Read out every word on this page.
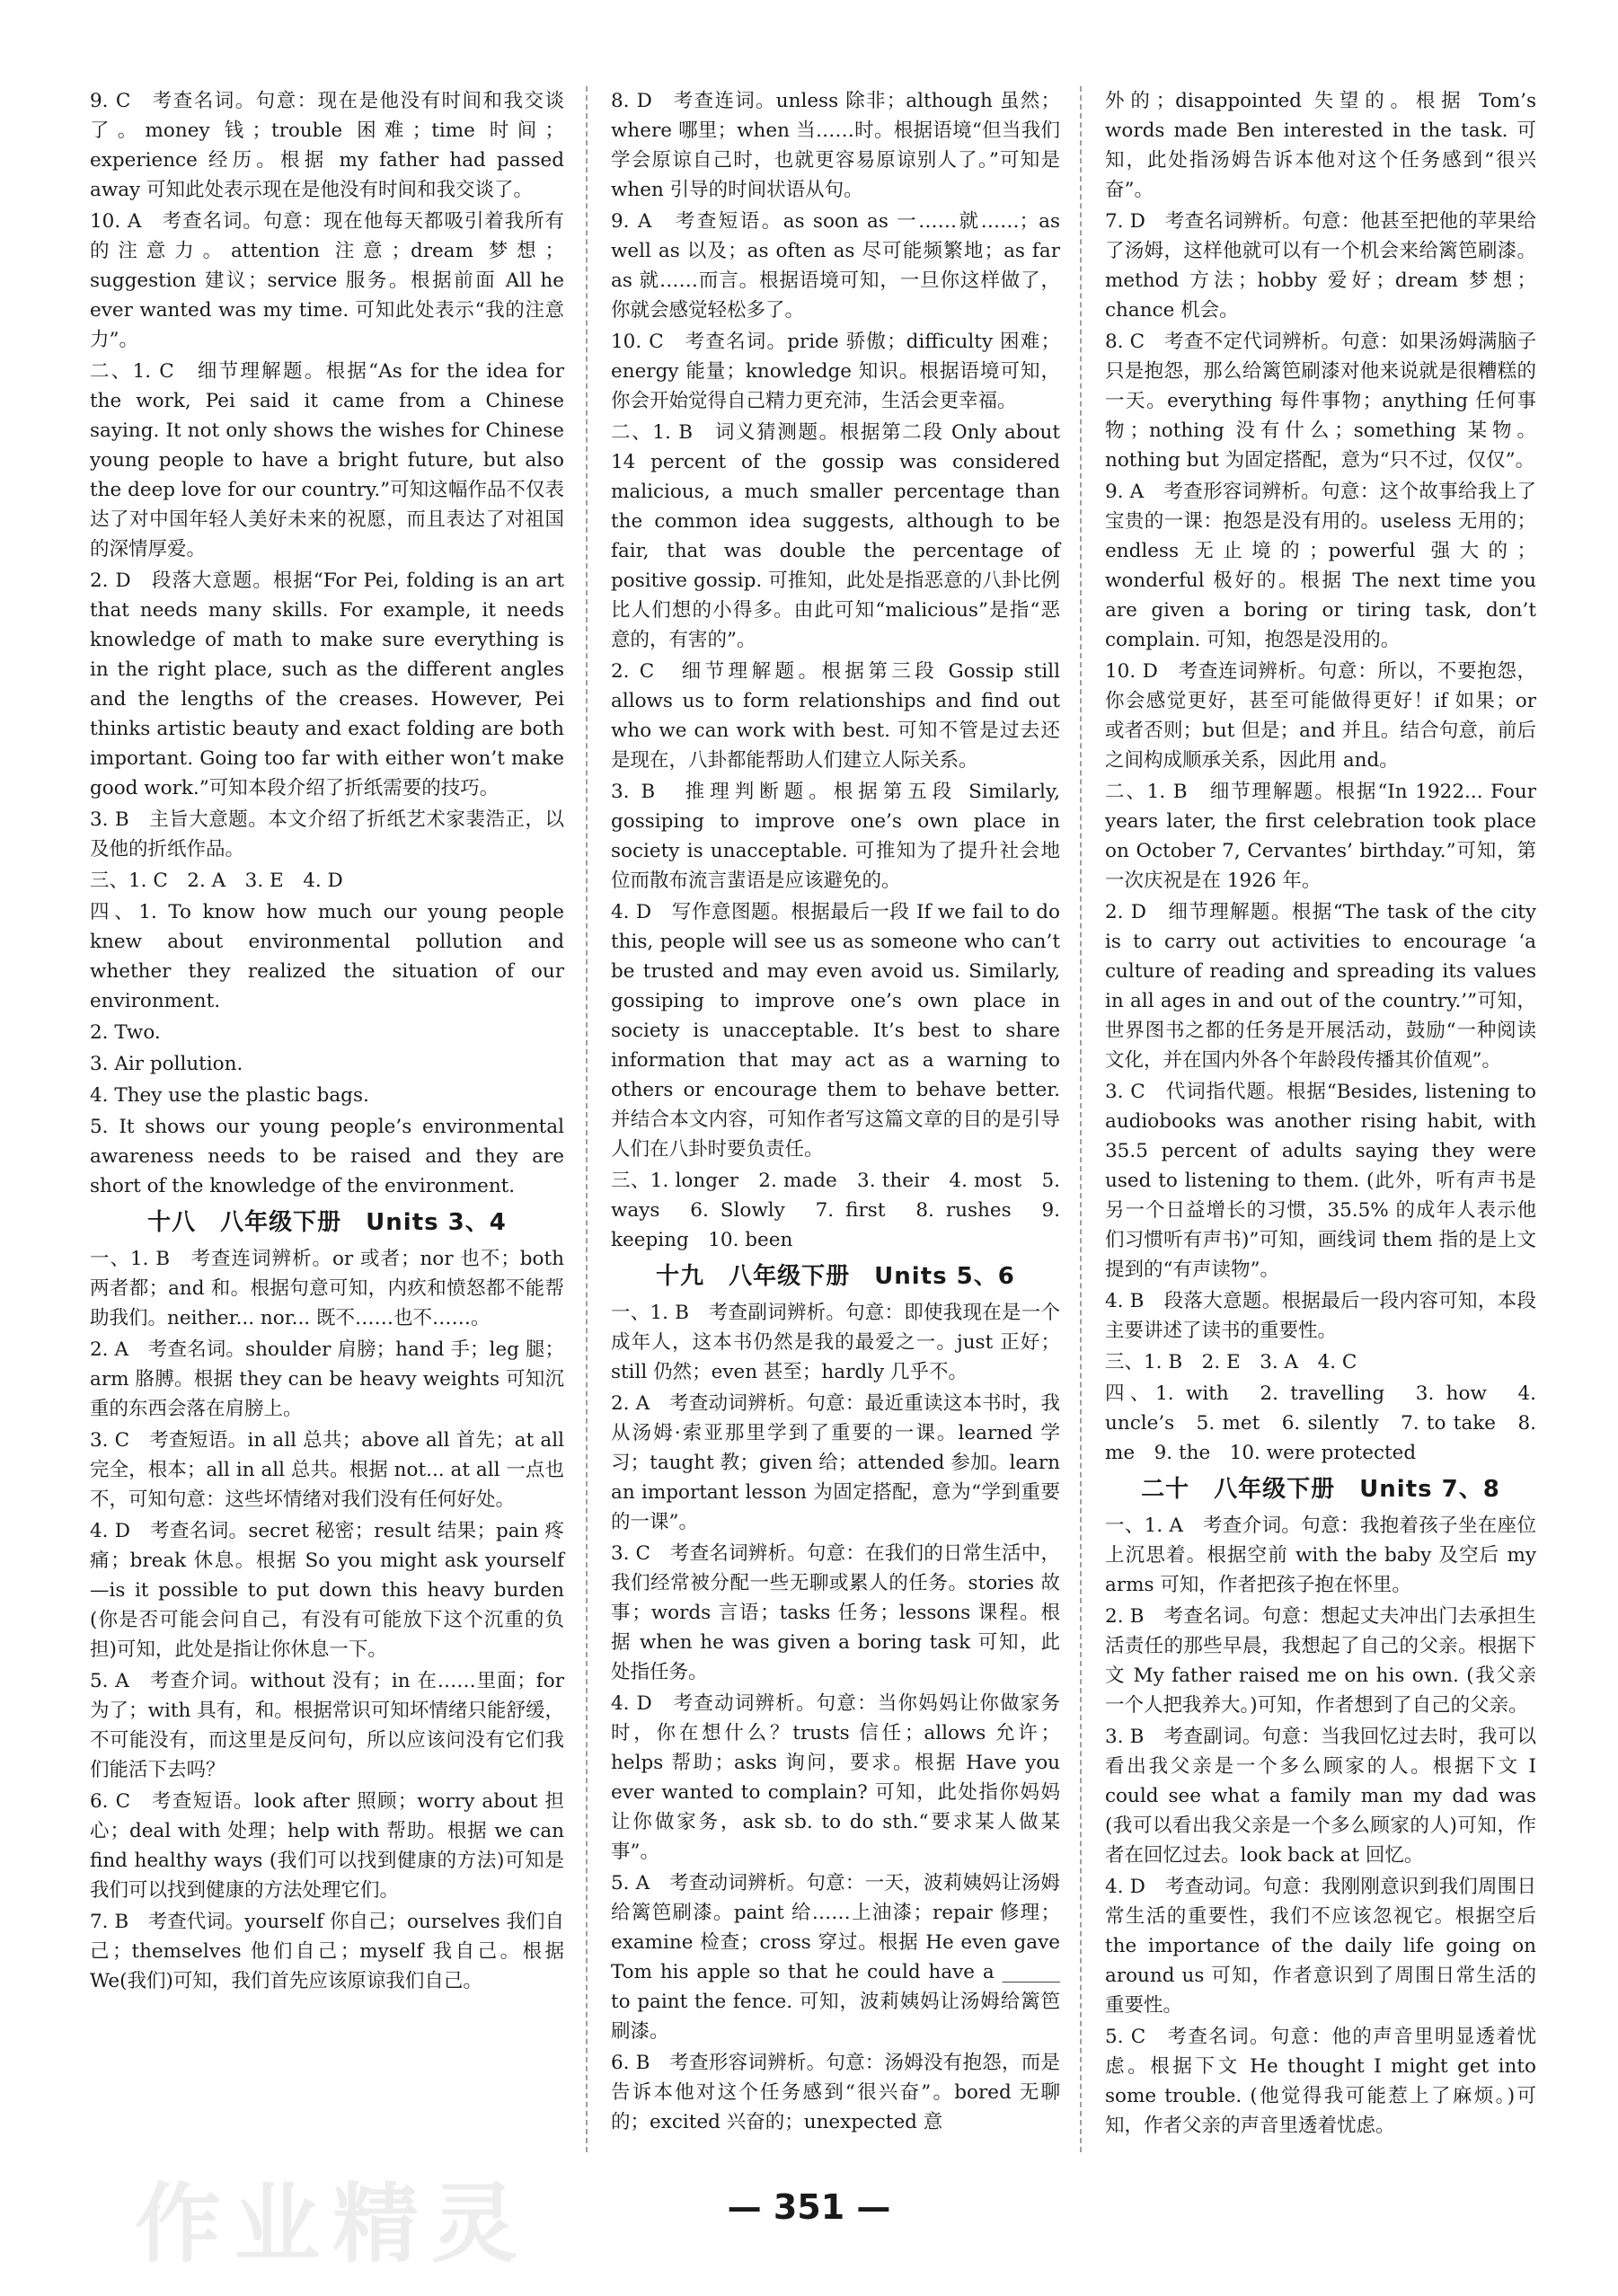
9. C　考查名词。句意：现在是他没有时间和我交谈了。money 钱；trouble 困难；time 时间；experience 经历。根据 my father had passed away 可知此处表示现在是他没有时间和我交谈了。

10. A　考查名词。句意：现在他每天都吸引着我所有的注意力。attention 注意；dream 梦想；suggestion 建议；service 服务。根据前面 All he ever wanted was my time. 可知此处表示“我的注意力”。

二、1. C　细节理解题。根据“As for the idea for the work, Pei said it came from a Chinese saying. It not only shows the wishes for Chinese young people to have a bright future, but also the deep love for our country.”可知这幅作品不仅表达了对中国年轻人美好未来的祝愿，而且表达了对祖国的深情厚爱。

2. D　段落大意题。根据“For Pei, folding is an art that needs many skills. For example, it needs knowledge of math to make sure everything is in the right place, such as the different angles and the lengths of the creases. However, Pei thinks artistic beauty and exact folding are both important. Going too far with either won’t make good work.”可知本段介绍了折纸需要的技巧。

3. B　主旨大意题。本文介绍了折纸艺术家裴浩正，以及他的折纸作品。

三、1. C　2. A　3. E　4. D

四、1. To know how much our young people knew about environmental pollution and whether they realized the situation of our environment.

2. Two.

3. Air pollution.

4. They use the plastic bags.

5. It shows our young people’s environmental awareness needs to be raised and they are short of the knowledge of the environment.

十八　八年级下册　Units 3、4

一、1. B　考查连词辨析。or 或者；nor 也不；both 两者都；and 和。根据句意可知，内疚和愤怒都不能帮助我们。neither... nor... 既不……也不……。

2. A　考查名词。shoulder 肩膀；hand 手；leg 腿；arm 胳膊。根据 they can be heavy weights 可知沉重的东西会落在肩膀上。

3. C　考查短语。in all 总共；above all 首先；at all 完全，根本；all in all 总共。根据 not... at all 一点也不，可知句意：这些坏情绪对我们没有任何好处。

4. D　考查名词。secret 秘密；result 结果；pain 疼痛；break 休息。根据 So you might ask yourself—is it possible to put down this heavy burden (你是否可能会问自己，有没有可能放下这个沉重的负担)可知，此处是指让你休息一下。

5. A　考查介词。without 没有；in 在……里面；for 为了；with 具有，和。根据常识可知坏情绪只能舒缓，不可能没有，而这里是反问句，所以应该问没有它们我们能活下去吗？

6. C　考查短语。look after 照顾；worry about 担心；deal with 处理；help with 帮助。根据 we can find healthy ways (我们可以找到健康的方法)可知是我们可以找到健康的方法处理它们。

7. B　考查代词。yourself 你自己；ourselves 我们自己；themselves 他们自己；myself 我自己。根据 We(我们)可知，我们首先应该原谅我们自己。

8. D　考查连词。unless 除非；although 虽然；where 哪里；when 当……时。根据语境“但当我们学会原谅自己时，也就更容易原谅别人了。”可知是 when 引导的时间状语从句。

9. A　考查短语。as soon as 一……就……；as well as 以及；as often as 尽可能频繁地；as far as 就……而言。根据语境可知，一旦你这样做了，你就会感觉轻松多了。

10. C　考查名词。pride 骄傲；difficulty 困难；energy 能量；knowledge 知识。根据语境可知，你会开始觉得自己精力更充沛，生活会更幸福。

二、1. B　词义猜测题。根据第二段 Only about 14 percent of the gossip was considered malicious, a much smaller percentage than the common idea suggests, although to be fair, that was double the percentage of positive gossip. 可推知，此处是指恶意的八卦比例比人们想的小得多。由此可知“malicious”是指“恶意的，有害的”。

2. C　细节理解题。根据第三段 Gossip still allows us to form relationships and find out who we can work with best. 可知不管是过去还是现在，八卦都能帮助人们建立人际关系。

3. B　推理判断题。根据第五段 Similarly, gossiping to improve one’s own place in society is unacceptable. 可推知为了提升社会地位而散布流言蜚语是应该避免的。

4. D　写作意图题。根据最后一段 If we fail to do this, people will see us as someone who can’t be trusted and may even avoid us. Similarly, gossiping to improve one’s own place in society is unacceptable. It’s best to share information that may act as a warning to others or encourage them to behave better. 并结合本文内容，可知作者写这篇文章的目的是引导人们在八卦时要负责任。

三、1. longer　2. made　3. their　4. most　5. ways　6. Slowly　7. first　8. rushes　9. keeping　10. been

十九　八年级下册　Units 5、6

一、1. B　考查副词辨析。句意：即使我现在是一个成年人，这本书仍然是我的最爱之一。just 正好；still 仍然；even 甚至；hardly 几乎不。

2. A　考查动词辨析。句意：最近重读这本书时，我从汤姆·索亚那里学到了重要的一课。learned 学习；taught 教；given 给；attended 参加。learn an important lesson 为固定搭配，意为“学到重要的一课”。

3. C　考查名词辨析。句意：在我们的日常生活中，我们经常被分配一些无聊或累人的任务。stories 故事；words 言语；tasks 任务；lessons 课程。根据 when he was given a boring task 可知，此处指任务。

4. D　考查动词辨析。句意：当你妈妈让你做家务时，你在想什么？trusts 信任；allows 允许；helps 帮助；asks 询问，要求。根据 Have you ever wanted to complain? 可知，此处指你妈妈让你做家务，ask sb. to do sth.“要求某人做某事”。

5. A　考查动词辨析。句意：一天，波莉姨妈让汤姆给篱笆刷漆。paint 给……上油漆；repair 修理；examine 检查；cross 穿过。根据 He even gave Tom his apple so that he could have a ______ to paint the fence. 可知，波莉姨妈让汤姆给篱笆刷漆。

6. B　考查形容词辨析。句意：汤姆没有抱怨，而是告诉本他对这个任务感到“很兴奋”。bored 无聊的；excited 兴奋的；unexpected 意

外的；disappointed 失望的。根据 Tom’s words made Ben interested in the task. 可知，此处指汤姆告诉本他对这个任务感到“很兴奋”。

7. D　考查名词辨析。句意：他甚至把他的苹果给了汤姆，这样他就可以有一个机会来给篱笆刷漆。method 方法；hobby 爱好；dream 梦想；chance 机会。

8. C　考查不定代词辨析。句意：如果汤姆满脑子只是抱怨，那么给篱笆刷漆对他来说就是很糟糕的一天。everything 每件事物；anything 任何事物；nothing 没有什么；something 某物。nothing but 为固定搭配，意为“只不过，仅仅”。

9. A　考查形容词辨析。句意：这个故事给我上了宝贵的一课：抱怨是没有用的。useless 无用的；endless 无止境的；powerful 强大的；wonderful 极好的。根据 The next time you are given a boring or tiring task, don’t complain. 可知，抱怨是没用的。

10. D　考查连词辨析。句意：所以，不要抱怨，你会感觉更好，甚至可能做得更好！if 如果；or 或者否则；but 但是；and 并且。结合句意，前后之间构成顺承关系，因此用 and。

二、1. B　细节理解题。根据“In 1922... Four years later, the first celebration took place on October 7, Cervantes’ birthday.”可知，第一次庆祝是在 1926 年。

2. D　细节理解题。根据“The task of the city is to carry out activities to encourage ‘a culture of reading and spreading its values in all ages in and out of the country.’”可知，世界图书之都的任务是开展活动，鼓励“一种阅读文化，并在国内外各个年龄段传播其价值观”。

3. C　代词指代题。根据“Besides, listening to audiobooks was another rising habit, with 35.5 percent of adults saying they were used to listening to them. (此外，听有声书是另一个日益增长的习惯，35.5% 的成年人表示他们习惯听有声书)”可知，画线词 them 指的是上文提到的“有声读物”。

4. B　段落大意题。根据最后一段内容可知，本段主要讲述了读书的重要性。

三、1. B　2. E　3. A　4. C

四、1. with　2. travelling　3. how　4. uncle’s　5. met　6. silently　7. to take　8. me　9. the　10. were protected

二十　八年级下册　Units 7、8

一、1. A　考查介词。句意：我抱着孩子坐在座位上沉思着。根据空前 with the baby 及空后 my arms 可知，作者把孩子抱在怀里。

2. B　考查名词。句意：想起丈夫冲出门去承担生活责任的那些早晨，我想起了自己的父亲。根据下文 My father raised me on his own. (我父亲一个人把我养大。)可知，作者想到了自己的父亲。

3. B　考查副词。句意：当我回忆过去时，我可以看出我父亲是一个多么顾家的人。根据下文 I could see what a family man my dad was (我可以看出我父亲是一个多么顾家的人)可知，作者在回忆过去。look back at 回忆。

4. D　考查动词。句意：我刚刚意识到我们周围日常生活的重要性，我们不应该忽视它。根据空后 the importance of the daily life going on around us 可知，作者意识到了周围日常生活的重要性。

5. C　考查名词。句意：他的声音里明显透着忧虑。根据下文 He thought I might get into some trouble. (他觉得我可能惹上了麻烦。)可知，作者父亲的声音里透着忧虑。

作业精灵	— 351 —
